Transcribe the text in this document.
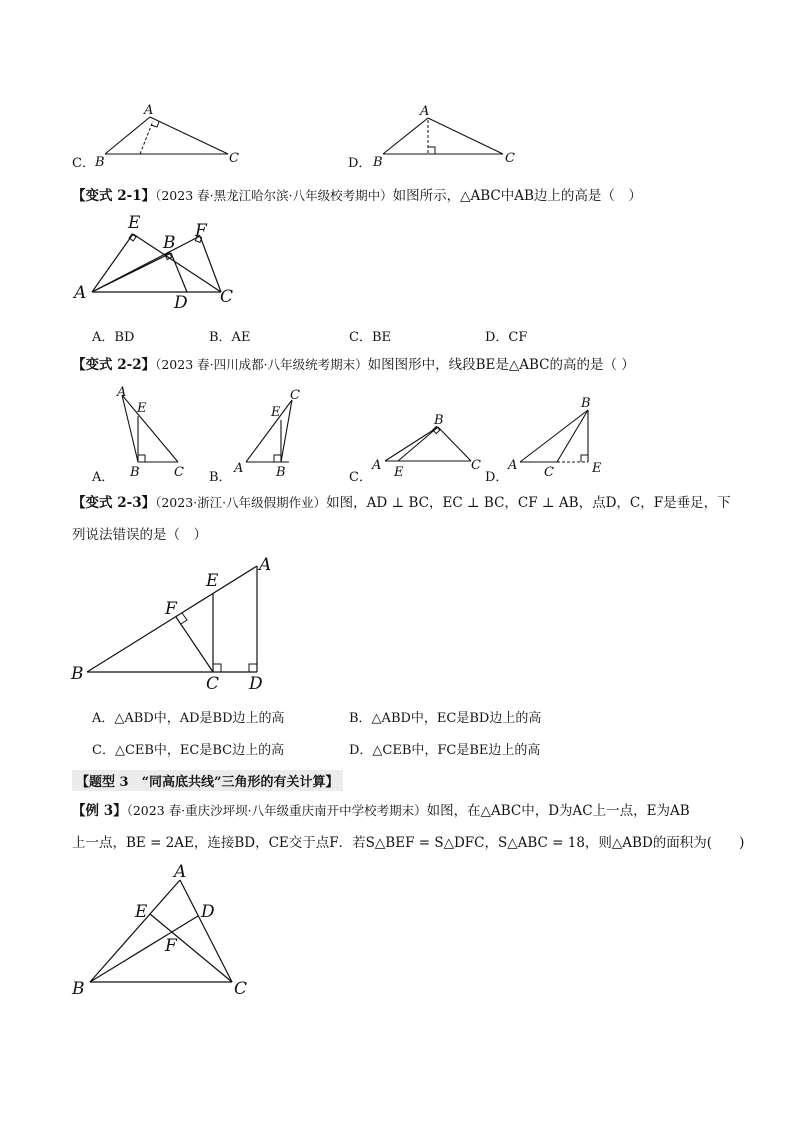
C．
A
B	C	D．
A
B	C
【变式 2-1】（2023 春·黑龙江哈尔滨·八年级校考期中）如图所示，△ABC中AB边上的高是（　）
E
B
F
A	D C
A．BD	B．AE	C．BE	D．CF
【变式 2-2】（2023 春·四川成都·八年级统考期末）如图图形中，线段BE是△ABC的高的是（ ）
A
E
B	C
C
E
A	B
B
A E	C
B
A C	E
A．	B．	C．	D．
【变式 2-3】（2023·浙江·八年级假期作业）如图，AD ⊥ BC，EC ⊥ BC，CF ⊥ AB，点D，C，F是垂足，下
列说法错误的是（　）
A
E
F
B	C D
A．△ABD中，AD是BD边上的高	B．△ABD中，EC是BD边上的高
C．△CEB中，EC是BC边上的高	D．△CEB中，FC是BE边上的高
【题型 3　“同高底共线”三角形的有关计算】
【例 3】（2023 春·重庆沙坪坝·八年级重庆南开中学校考期末）如图，在△ABC中，D为AC上一点，E为AB
上一点，BE = 2AE，连接BD，CE交于点F．若S△BEF = S△DFC，S△ABC = 18，则△ABD的面积为(　　)
A
E	D
F
B	C
